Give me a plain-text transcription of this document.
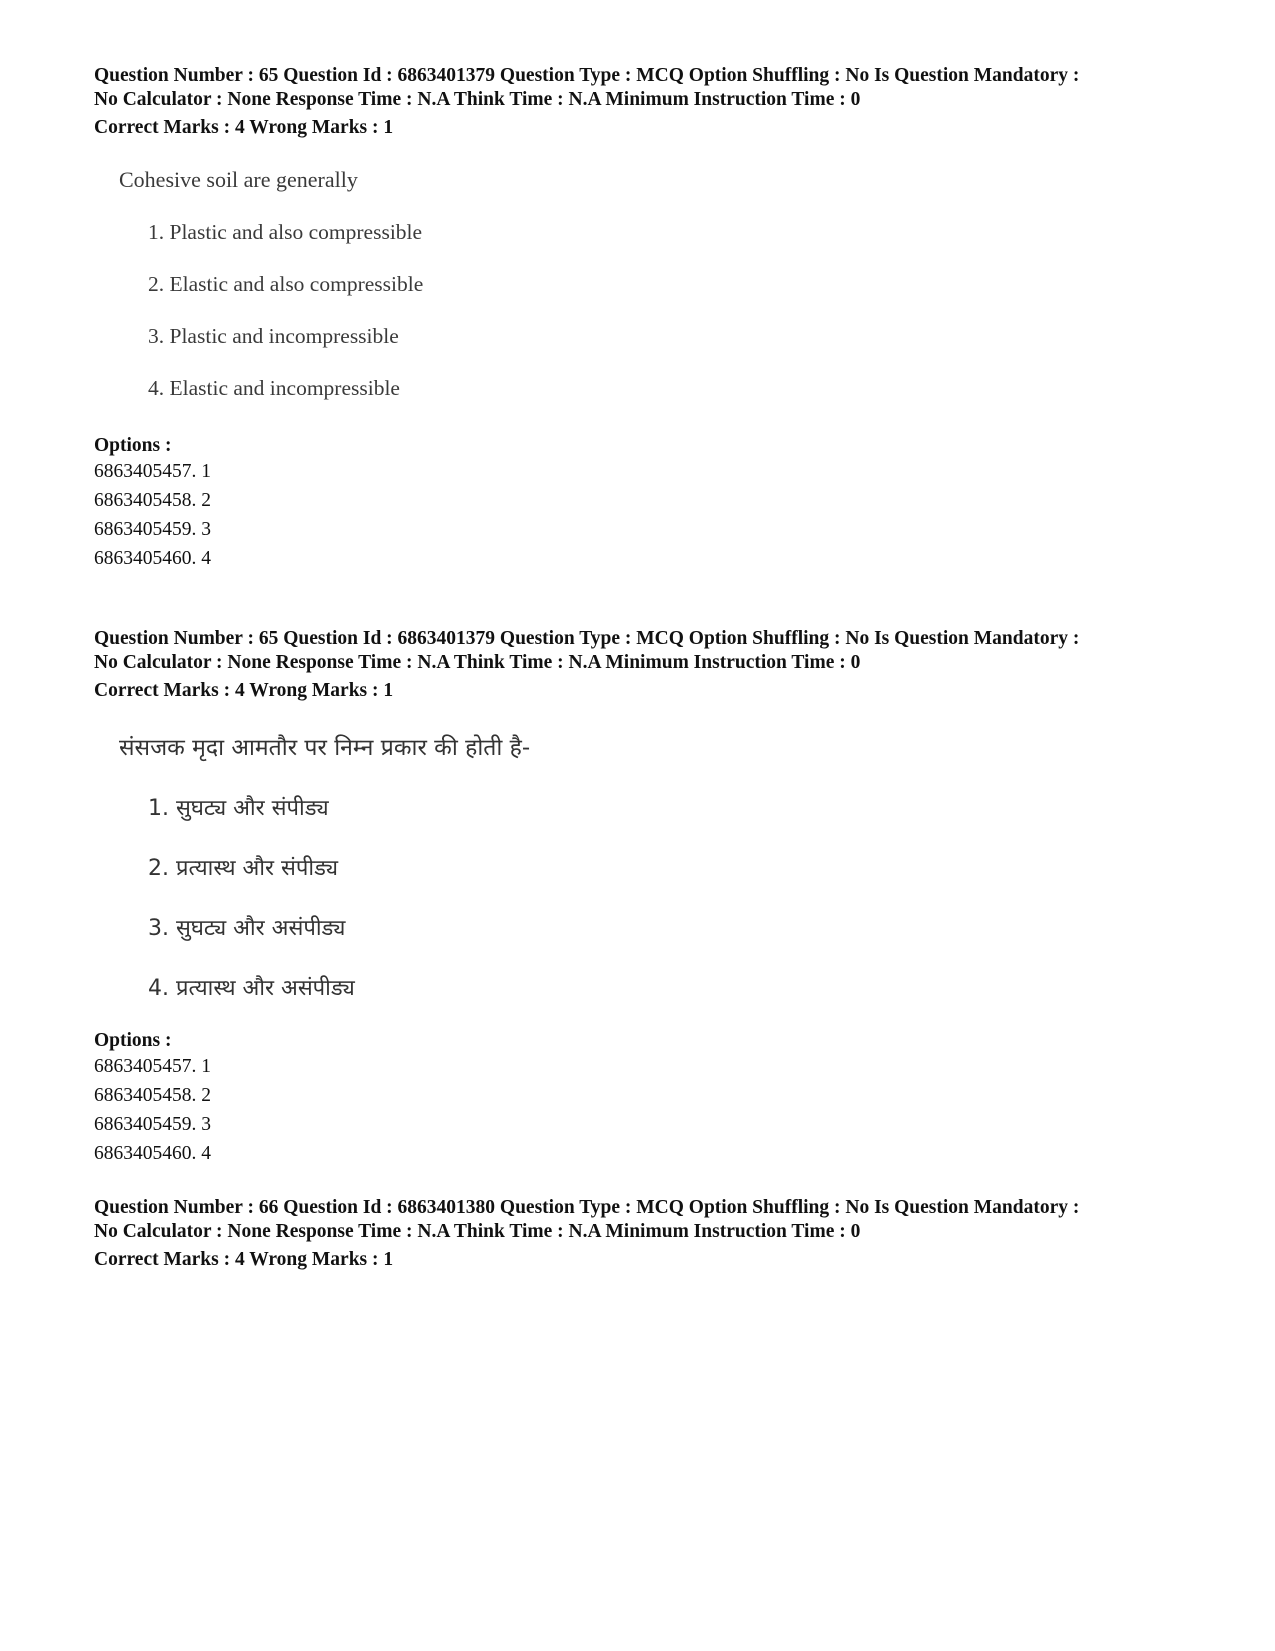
Question Number : 65 Question Id : 6863401379 Question Type : MCQ Option Shuffling : No Is Question Mandatory :
No Calculator : None Response Time : N.A Think Time : N.A Minimum Instruction Time : 0
Correct Marks : 4 Wrong Marks : 1
Cohesive soil are generally
1. Plastic and also compressible
2. Elastic and also compressible
3. Plastic and incompressible
4. Elastic and incompressible
Options :
6863405457. 1
6863405458. 2
6863405459. 3
6863405460. 4
Question Number : 65 Question Id : 6863401379 Question Type : MCQ Option Shuffling : No Is Question Mandatory :
No Calculator : None Response Time : N.A Think Time : N.A Minimum Instruction Time : 0
Correct Marks : 4 Wrong Marks : 1
संसजक मृदा आमतौर पर निम्न प्रकार की होती है-
1. सुघट्य और संपीड्य
2. प्रत्यास्थ और संपीड्य
3. सुघट्य और असंपीड्य
4. प्रत्यास्थ और असंपीड्य
Options :
6863405457. 1
6863405458. 2
6863405459. 3
6863405460. 4
Question Number : 66 Question Id : 6863401380 Question Type : MCQ Option Shuffling : No Is Question Mandatory :
No Calculator : None Response Time : N.A Think Time : N.A Minimum Instruction Time : 0
Correct Marks : 4 Wrong Marks : 1
